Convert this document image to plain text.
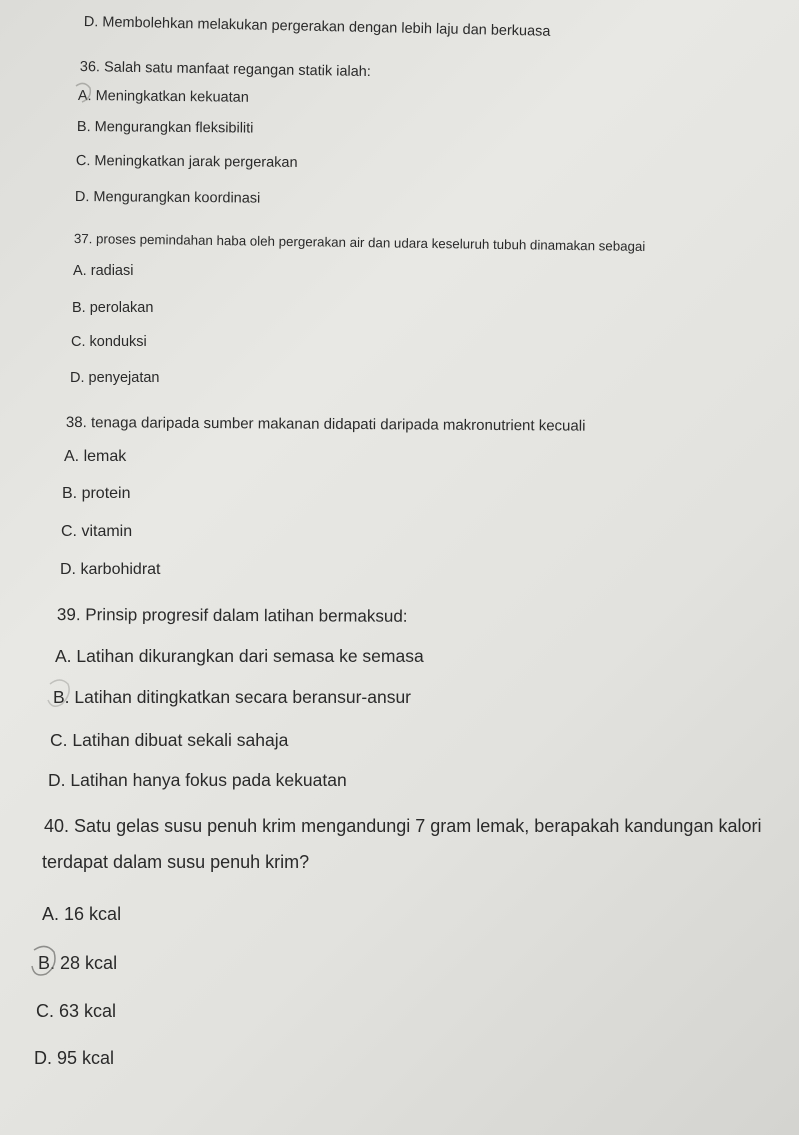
D. Membolehkan melakukan pergerakan dengan lebih laju dan berkuasa
36. Salah satu manfaat regangan statik ialah:
A. Meningkatkan kekuatan
B. Mengurangkan fleksibiliti
C. Meningkatkan jarak pergerakan
D. Mengurangkan koordinasi
37. proses pemindahan haba oleh pergerakan air dan udara keseluruh tubuh dinamakan sebagai
A. radiasi
B. perolakan
C. konduksi
D. penyejatan
38. tenaga daripada sumber makanan didapati daripada makronutrient kecuali
A. lemak
B. protein
C. vitamin
D. karbohidrat
39. Prinsip progresif dalam latihan bermaksud:
A. Latihan dikurangkan dari semasa ke semasa
B. Latihan ditingkatkan secara beransur-ansur
C. Latihan dibuat sekali sahaja
D. Latihan hanya fokus pada kekuatan
40. Satu gelas susu penuh krim mengandungi 7 gram lemak, berapakah kandungan kalori
terdapat dalam susu penuh krim?
A. 16 kcal
B. 28 kcal
C. 63 kcal
D. 95 kcal
